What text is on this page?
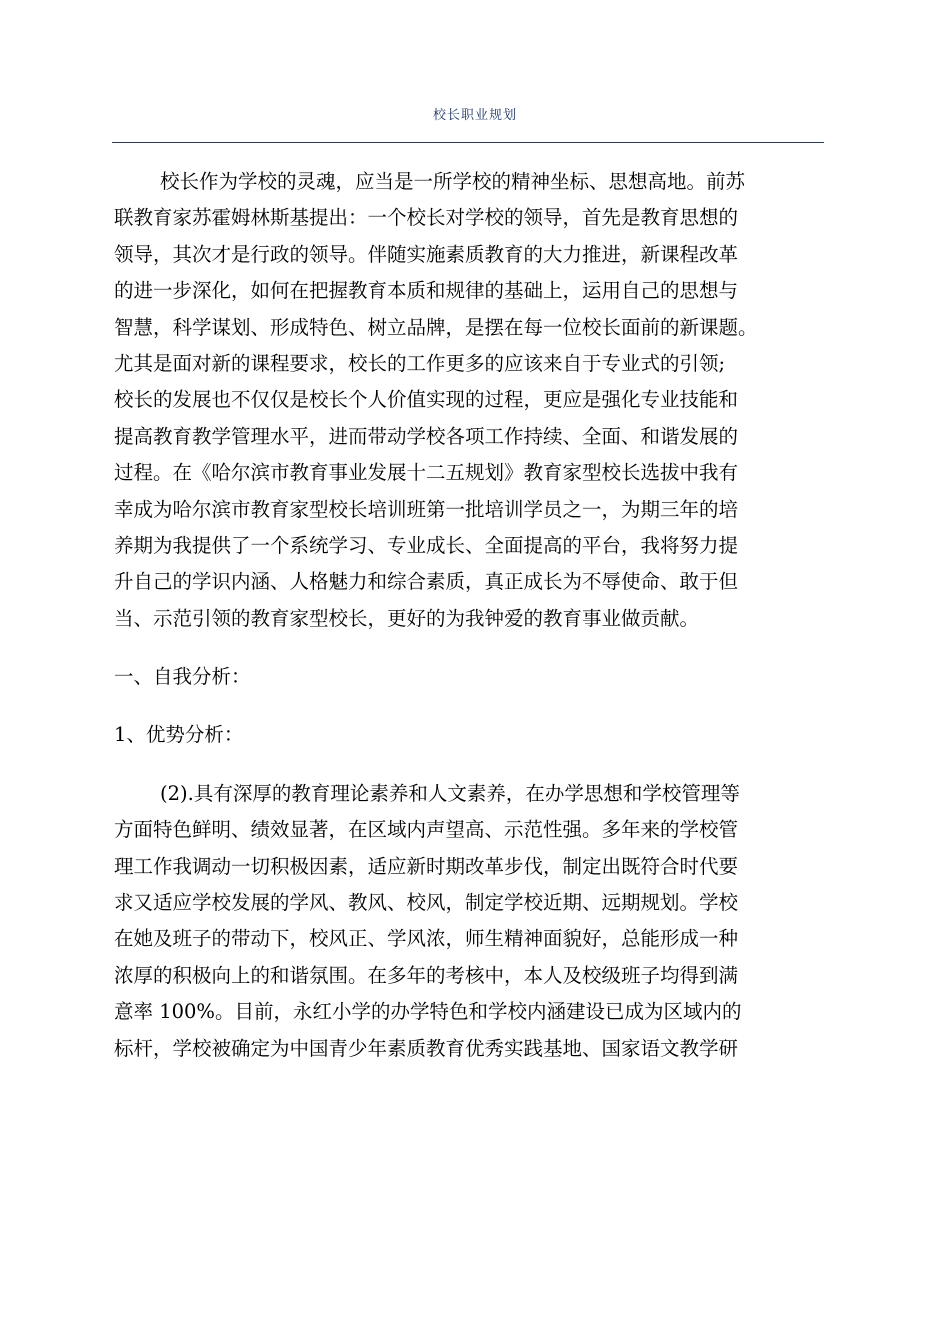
校长职业规划
校长作为学校的灵魂，应当是一所学校的精神坐标、思想高地。前苏
联教育家苏霍姆林斯基提出：一个校长对学校的领导，首先是教育思想的
领导，其次才是行政的领导。伴随实施素质教育的大力推进，新课程改革
的进一步深化，如何在把握教育本质和规律的基础上，运用自己的思想与
智慧，科学谋划、形成特色、树立品牌，是摆在每一位校长面前的新课题。
尤其是面对新的课程要求，校长的工作更多的应该来自于专业式的引领;
校长的发展也不仅仅是校长个人价值实现的过程，更应是强化专业技能和
提高教育教学管理水平，进而带动学校各项工作持续、全面、和谐发展的
过程。在《哈尔滨市教育事业发展十二五规划》教育家型校长选拔中我有
幸成为哈尔滨市教育家型校长培训班第一批培训学员之一，为期三年的培
养期为我提供了一个系统学习、专业成长、全面提高的平台，我将努力提
升自己的学识内涵、人格魅力和综合素质，真正成长为不辱使命、敢于但
当、示范引领的教育家型校长，更好的为我钟爱的教育事业做贡献。
一、自我分析：
1、优势分析：
(2).具有深厚的教育理论素养和人文素养，在办学思想和学校管理等
方面特色鲜明、绩效显著，在区域内声望高、示范性强。多年来的学校管
理工作我调动一切积极因素，适应新时期改革步伐，制定出既符合时代要
求又适应学校发展的学风、教风、校风，制定学校近期、远期规划。学校
在她及班子的带动下，校风正、学风浓，师生精神面貌好，总能形成一种
浓厚的积极向上的和谐氛围。在多年的考核中，本人及校级班子均得到满
意率 100%。目前，永红小学的办学特色和学校内涵建设已成为区域内的
标杆，学校被确定为中国青少年素质教育优秀实践基地、国家语文教学研
